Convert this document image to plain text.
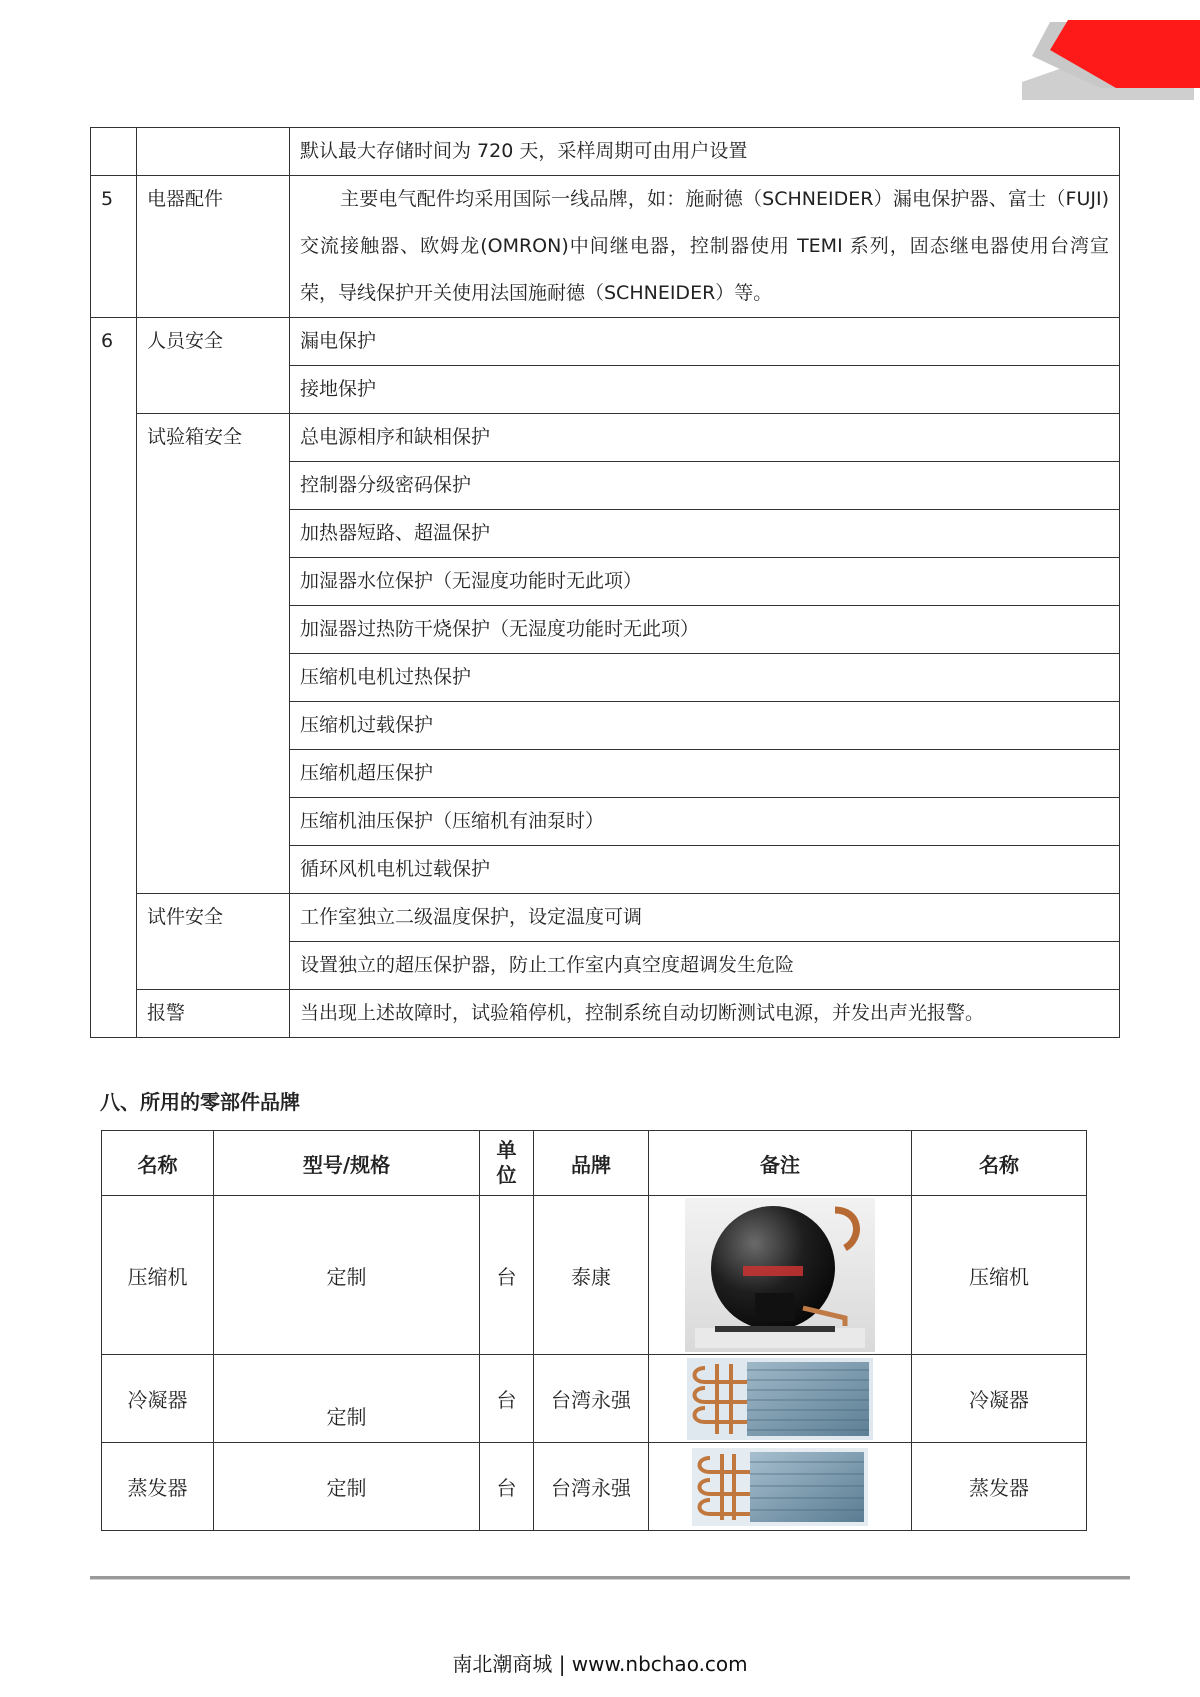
		默认最大存储时间为 720 天，采样周期可由用户设置
5	电器配件	主要电气配件均采用国际一线品牌，如：施耐德（SCHNEIDER）漏电保护器、富士（FUJI)交流接触器、欧姆龙(OMRON)中间继电器，控制器使用 TEMI 系列，固态继电器使用台湾宣荣，导线保护开关使用法国施耐德（SCHNEIDER）等。
6	人员安全	漏电保护
		接地保护
	试验箱安全	总电源相序和缺相保护
		控制器分级密码保护
		加热器短路、超温保护
		加湿器水位保护（无湿度功能时无此项）
		加湿器过热防干烧保护（无湿度功能时无此项）
		压缩机电机过热保护
		压缩机过载保护
		压缩机超压保护
		压缩机油压保护（压缩机有油泵时）
		循环风机电机过载保护
	试件安全	工作室独立二级温度保护，设定温度可调
		设置独立的超压保护器，防止工作室内真空度超调发生危险
	报警	当出现上述故障时，试验箱停机，控制系统自动切断测试电源，并发出声光报警。
八、所用的零部件品牌
名称	型号/规格	单位	品牌	备注	名称
压缩机	定制	台	泰康		压缩机
冷凝器	定制	台	台湾永强		冷凝器
蒸发器	定制	台	台湾永强		蒸发器
南北潮商城 | www.nbchao.com
